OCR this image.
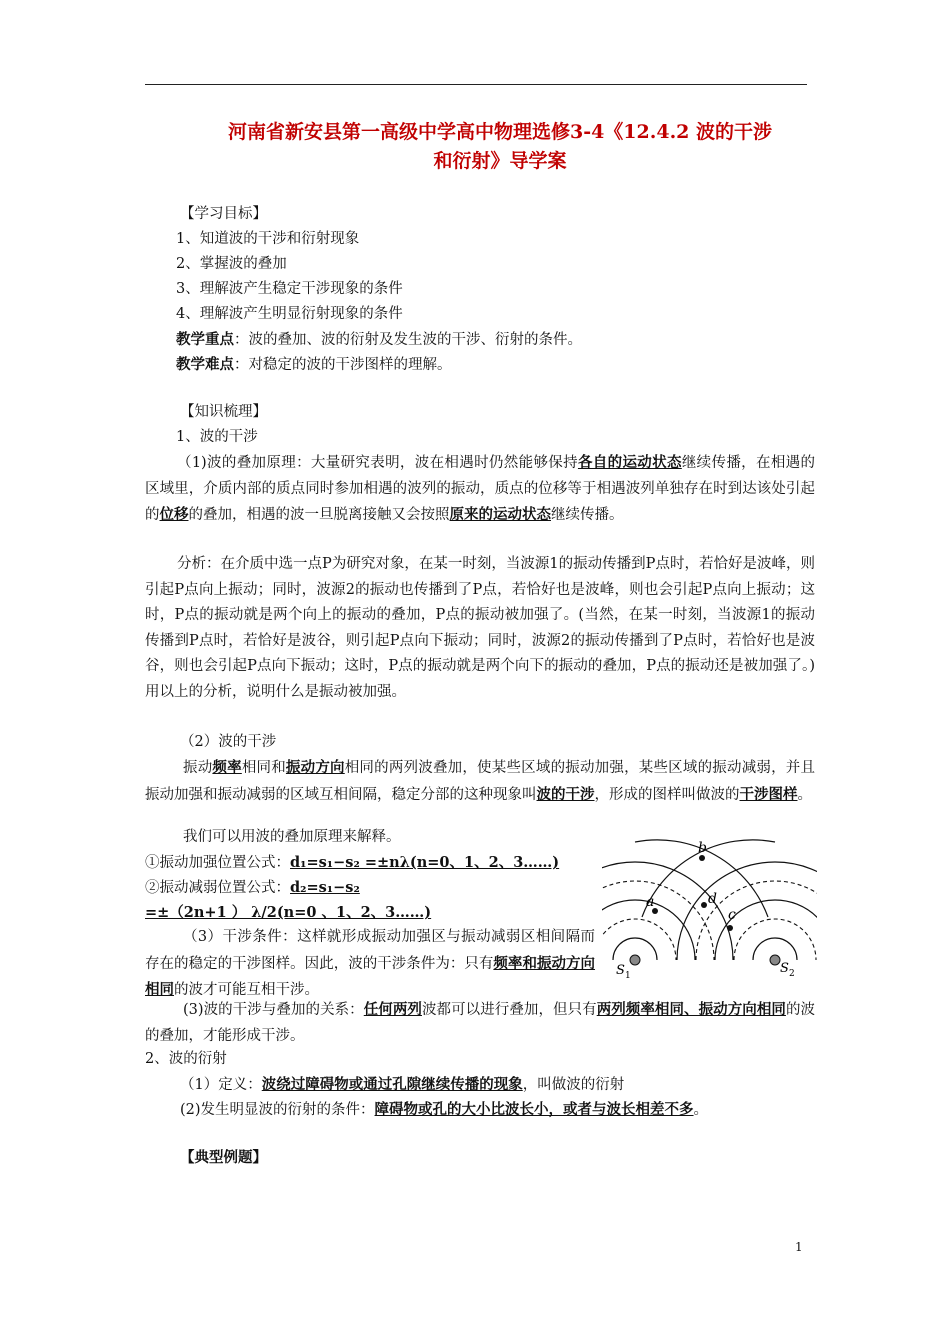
河南省新安县第一高级中学高中物理选修3-4《12.4.2 波的干涉
和衍射》导学案
【学习目标】
1、知道波的干涉和衍射现象
2、掌握波的叠加
3、理解波产生稳定干涉现象的条件
4、理解波产生明显衍射现象的条件
教学重点：波的叠加、波的衍射及发生波的干涉、衍射的条件。
教学难点：对稳定的波的干涉图样的理解。
【知识梳理】
1、波的干涉
（1)波的叠加原理：大量研究表明，波在相遇时仍然能够保持各自的运动状态继续传播，在相遇的区域里，介质内部的质点同时参加相遇的波列的振动，质点的位移等于相遇波列单独存在时到达该处引起的位移的叠加，相遇的波一旦脱离接触又会按照原来的运动状态继续传播。
分析：在介质中选一点P为研究对象，在某一时刻，当波源1的振动传播到P点时，若恰好是波峰，则引起P点向上振动；同时，波源2的振动也传播到了P点，若恰好也是波峰，则也会引起P点向上振动；这时，P点的振动就是两个向上的振动的叠加，P点的振动被加强了。(当然，在某一时刻，当波源1的振动传播到P点时，若恰好是波谷，则引起P点向下振动；同时，波源2的振动传播到了P点时，若恰好也是波谷，则也会引起P点向下振动；这时，P点的振动就是两个向下的振动的叠加，P点的振动还是被加强了。)用以上的分析，说明什么是振动被加强。
（2）波的干涉
振动频率相同和振动方向相同的两列波叠加，使某些区域的振动加强，某些区域的振动减弱，并且振动加强和振动减弱的区域互相间隔，稳定分部的这种现象叫波的干涉，形成的图样叫做波的干涉图样。
我们可以用波的叠加原理来解释。
①振动加强位置公式：d₁=s₁−s₂ =±nλ(n=0、1、2、3……)
②振动减弱位置公式：d₂=s₁−s₂
=±（2n+1 ） λ/2(n=0 、1、2、3……)
（3）干涉条件：这样就形成振动加强区与振动减弱区相间隔而存在的稳定的干涉图样。因此，波的干涉条件为：只有频率和振动方向相同的波才可能互相干涉。
(3)波的干涉与叠加的关系：任何两列波都可以进行叠加，但只有两列频率相同、振动方向相同的波的叠加，才能形成干涉。
2、波的衍射
（1）定义：波绕过障碍物或通过孔隙继续传播的现象，叫做波的衍射
(2)发生明显波的衍射的条件：障碍物或孔的大小比波长小，或者与波长相差不多。
【典型例题】
b
a	d
c
S 1	S 2
1
